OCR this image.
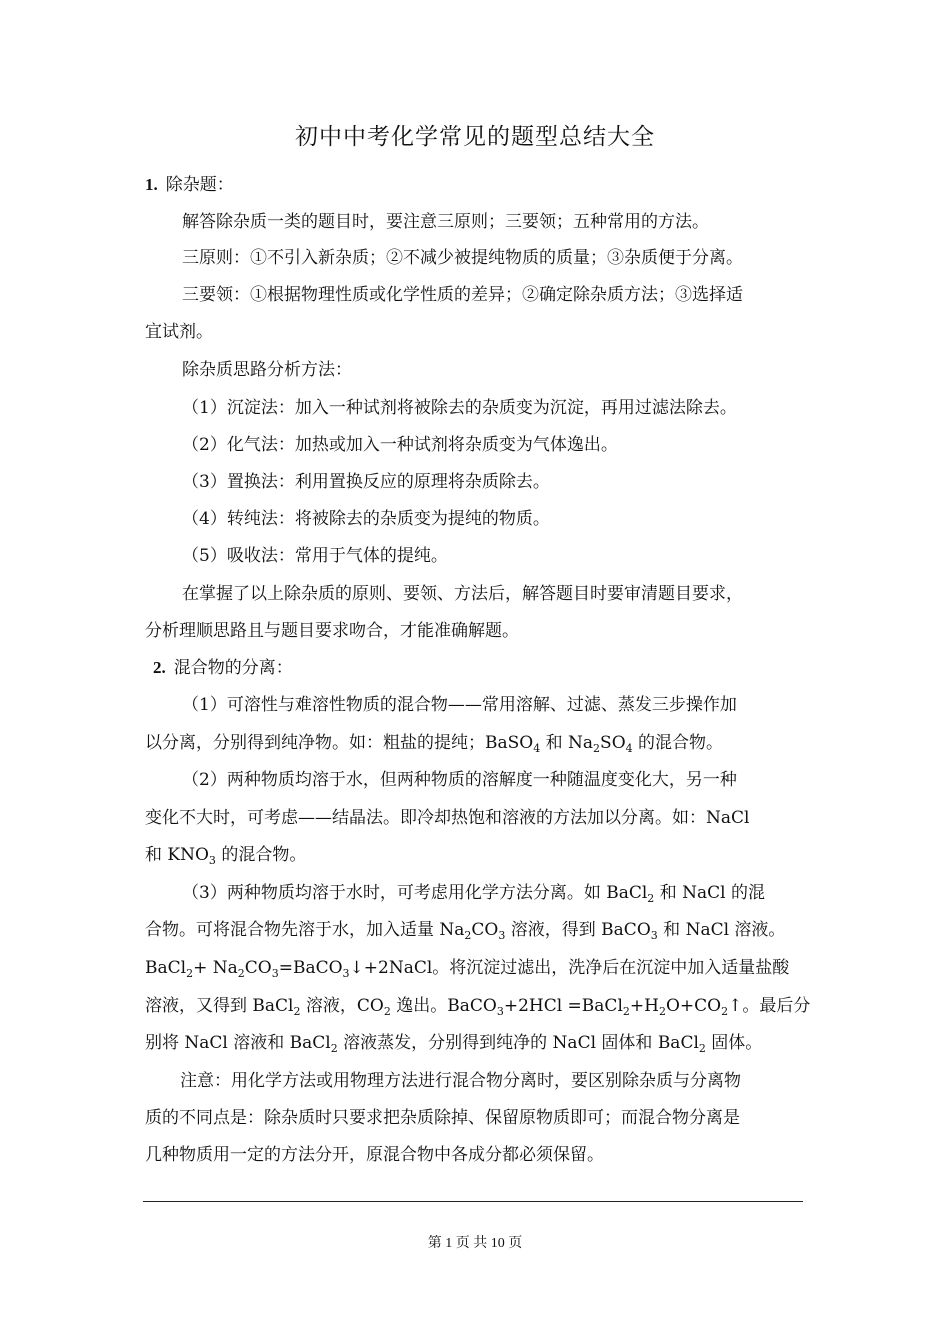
初中中考化学常见的题型总结大全
1. 除杂题：
解答除杂质一类的题目时，要注意三原则；三要领；五种常用的方法。
三原则：①不引入新杂质；②不减少被提纯物质的质量；③杂质便于分离。
三要领：①根据物理性质或化学性质的差异；②确定除杂质方法；③选择适
宜试剂。
除杂质思路分析方法：
（1）沉淀法：加入一种试剂将被除去的杂质变为沉淀，再用过滤法除去。
（2）化气法：加热或加入一种试剂将杂质变为气体逸出。
（3）置换法：利用置换反应的原理将杂质除去。
（4）转纯法：将被除去的杂质变为提纯的物质。
（5）吸收法：常用于气体的提纯。
在掌握了以上除杂质的原则、要领、方法后，解答题目时要审清题目要求，
分析理顺思路且与题目要求吻合，才能准确解题。
2. 混合物的分离：
（1）可溶性与难溶性物质的混合物——常用溶解、过滤、蒸发三步操作加
以分离，分别得到纯净物。如：粗盐的提纯；BaSO$_4$ 和 $Na_2SO_4$ 的混合物。
（2）两种物质均溶于水，但两种物质的溶解度一种随温度变化大，另一种
变化不大时，可考虑——结晶法。即冷却热饱和溶液的方法加以分离。如：NaCl
和 $KNO_3$ 的混合物。
（3）两种物质均溶于水时，可考虑用化学方法分离。如 BaCl$_2$ 和 NaCl 的混
合物。可将混合物先溶于水，加入适量 $Na_2CO_3$ 溶液，得到 BaCO$_3$ 和 NaCl 溶液。
BaCl$_2$+ $Na_2CO_3=BaCO_3↓+2NaCl$。将沉淀过滤出，洗净后在沉淀中加入适量盐酸
溶液，又得到 BaCl$_2$ 溶液，$CO_2$ 逸出。BaCO$_3$+2HCl $=BaCl_2+H_2O+CO_2↑$。最后分
别将 NaCl 溶液和 BaCl$_2$ 溶液蒸发，分别得到纯净的 NaCl 固体和 BaCl$_2$ 固体。
注意：用化学方法或用物理方法进行混合物分离时，要区别除杂质与分离物
质的不同点是：除杂质时只要求把杂质除掉、保留原物质即可；而混合物分离是
几种物质用一定的方法分开，原混合物中各成分都必须保留。
第 1 页 共 10 页
